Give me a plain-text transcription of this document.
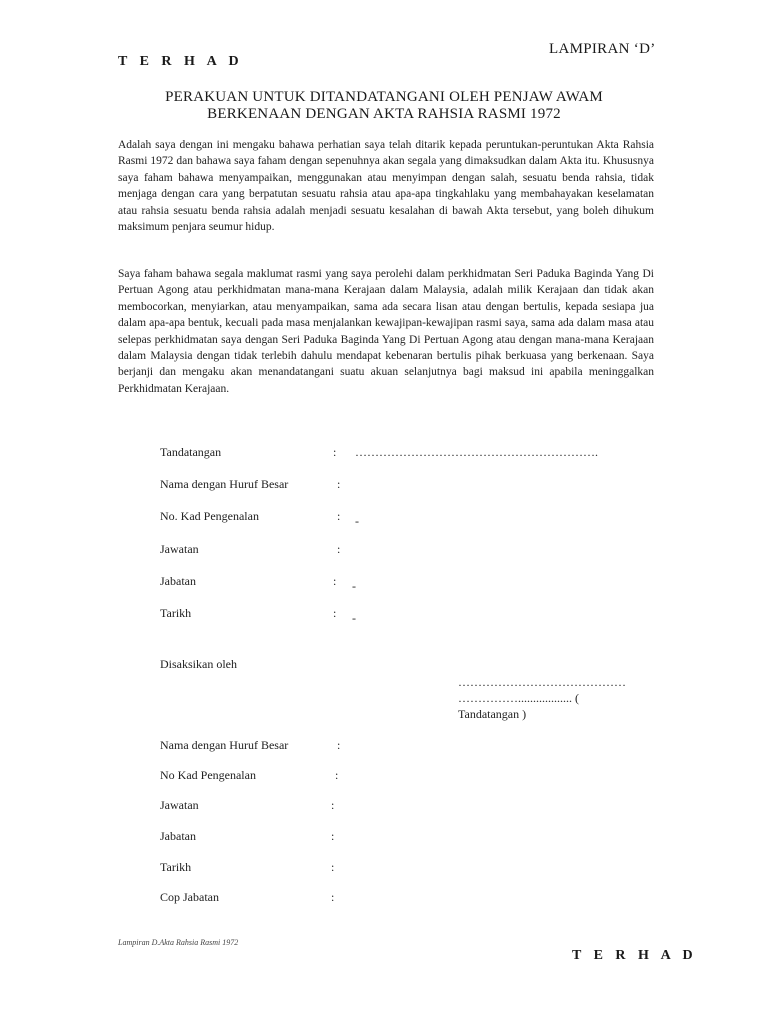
LAMPIRAN ‘D’
T E R H A D
PERAKUAN UNTUK DITANDATANGANI OLEH PENJAW AWAM
BERKENAAN DENGAN AKTA RAHSIA RASMI 1972
Adalah saya dengan ini mengaku bahawa perhatian saya telah ditarik kepada peruntukan-peruntukan Akta Rahsia Rasmi 1972 dan bahawa saya faham dengan sepenuhnya akan segala yang dimaksudkan dalam Akta itu. Khususnya saya faham bahawa menyampaikan, menggunakan atau menyimpan dengan salah, sesuatu benda rahsia, tidak menjaga dengan cara yang berpatutan sesuatu rahsia atau apa-apa tingkahlaku yang membahayakan keselamatan atau rahsia sesuatu benda rahsia adalah menjadi sesuatu kesalahan di bawah Akta tersebut, yang boleh dihukum maksimum penjara seumur hidup.
Saya faham bahawa segala maklumat rasmi yang saya perolehi dalam perkhidmatan Seri Paduka Baginda Yang Di Pertuan Agong atau perkhidmatan mana-mana Kerajaan dalam Malaysia, adalah milik Kerajaan dan tidak akan membocorkan, menyiarkan, atau menyampaikan, sama ada secara lisan atau dengan bertulis, kepada sesiapa jua dalam apa-apa bentuk, kecuali pada masa menjalankan kewajipan-kewajipan rasmi saya, sama ada dalam masa atau selepas perkhidmatan saya dengan Seri Paduka Baginda Yang Di Pertuan Agong atau dengan mana-mana Kerajaan dalam Malaysia dengan tidak terlebih dahulu mendapat kebenaran bertulis pihak berkuasa yang berkenaan. Saya berjanji dan mengaku akan menandatangani suatu akuan selanjutnya bagi maksud ini apabila meninggalkan Perkhidmatan Kerajaan.
Tandatangan	: …………………………………………………….
Nama dengan Huruf Besar	:
No. Kad Pengenalan	: -
Jawatan	:
Jabatan	: -
Tarikh	: -
Disaksikan oleh
……………………………………
…………….................. (
Tandatangan )
Nama dengan Huruf Besar	:
No Kad Pengenalan	:
Jawatan	:
Jabatan	:
Tarikh	:
Cop Jabatan	:
Lampiran D.Akta Rahsia Rasmi 1972
T E R H A D
